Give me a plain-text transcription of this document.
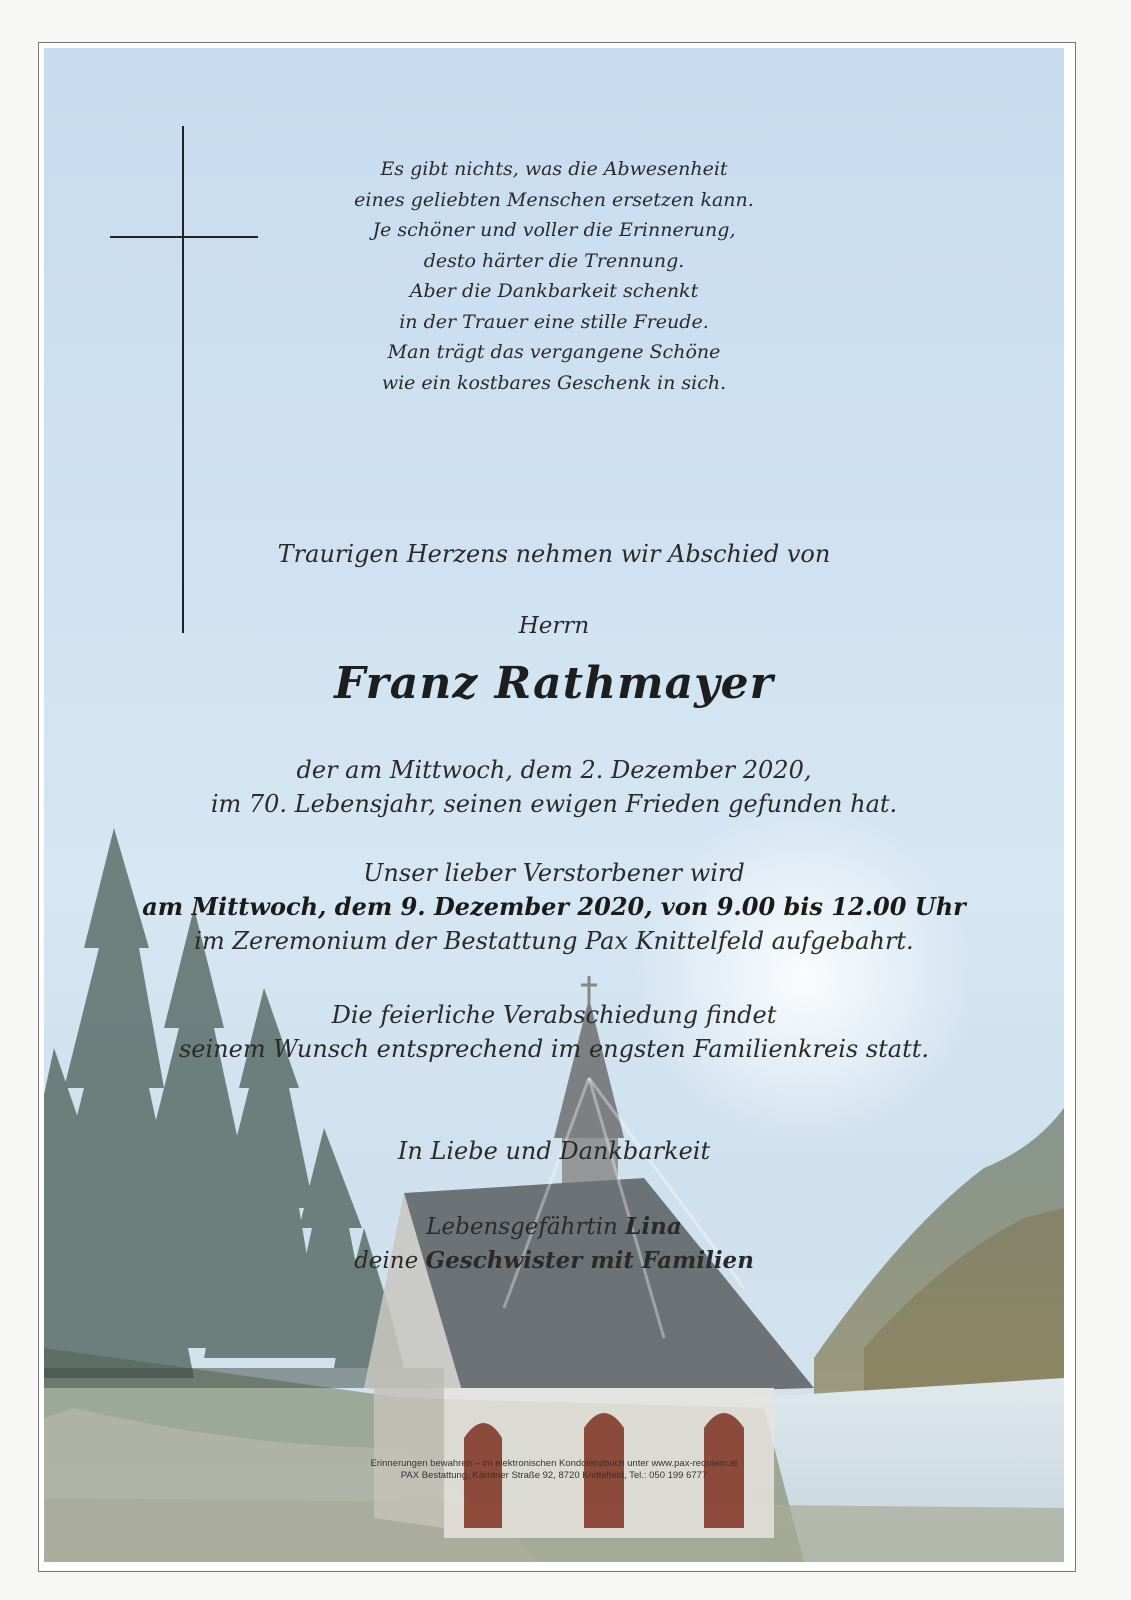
Es gibt nichts, was die Abwesenheit
eines geliebten Menschen ersetzen kann.
Je schöner und voller die Erinnerung,
desto härter die Trennung.
Aber die Dankbarkeit schenkt
in der Trauer eine stille Freude.
Man trägt das vergangene Schöne
wie ein kostbares Geschenk in sich.
Traurigen Herzens nehmen wir Abschied von
Herrn
Franz Rathmayer
der am Mittwoch, dem 2. Dezember 2020,
im 70. Lebensjahr, seinen ewigen Frieden gefunden hat.
Unser lieber Verstorbener wird
am Mittwoch, dem 9. Dezember 2020, von 9.00 bis 12.00 Uhr
im Zeremonium der Bestattung Pax Knittelfeld aufgebahrt.
Die feierliche Verabschiedung findet
seinem Wunsch entsprechend im engsten Familienkreis statt.
In Liebe und Dankbarkeit
Lebensgefährtin Lina
deine Geschwister mit Familien
Erinnerungen bewahren – im elektronischen Kondolenzbuch unter www.pax-requiem.at
PAX Bestattung, Kärntner Straße 92, 8720 Knittelfeld, Tel.: 050 199 6777
